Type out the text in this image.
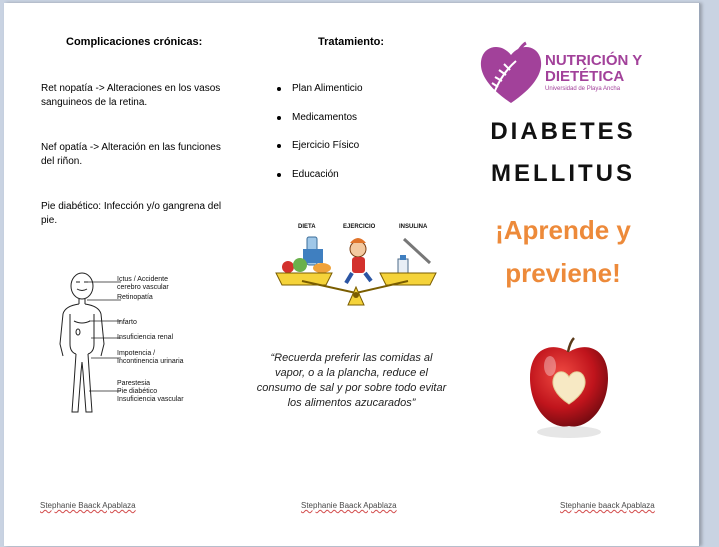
Complicaciones crónicas:
Ret nopatía -> Alteraciones en los vasos sanguineos de la retina.
Nef opatía -> Alteración en las funciones del riñon.
Pie diabético: Infección y/o gangrena del pie.
Ictus / Accidente
cerebro vascular
Retinopatía
Infarto
Insuficiencia renal
Impotencia /
Incontinencia urinaria
Parestesia
Pie diabético
Insuficiencia vascular
Tratamiento:
Plan Alimenticio
Medicamentos
Ejercicio Físico
Educación
DIETA	EJERCICIO	INSULINA
“Recuerda preferir las comidas al vapor, o a la plancha, reduce el consumo de sal y por sobre todo evitar los alimentos azucarados”
NUTRICIÓN Y
DIETÉTICA
Universidad de Playa Ancha
DIABETES
MELLITUS
¡Aprende y
previene!
Stephanie Baack Apablaza	Stephanie Baack Apablaza	Stephanie baack Apablaza
